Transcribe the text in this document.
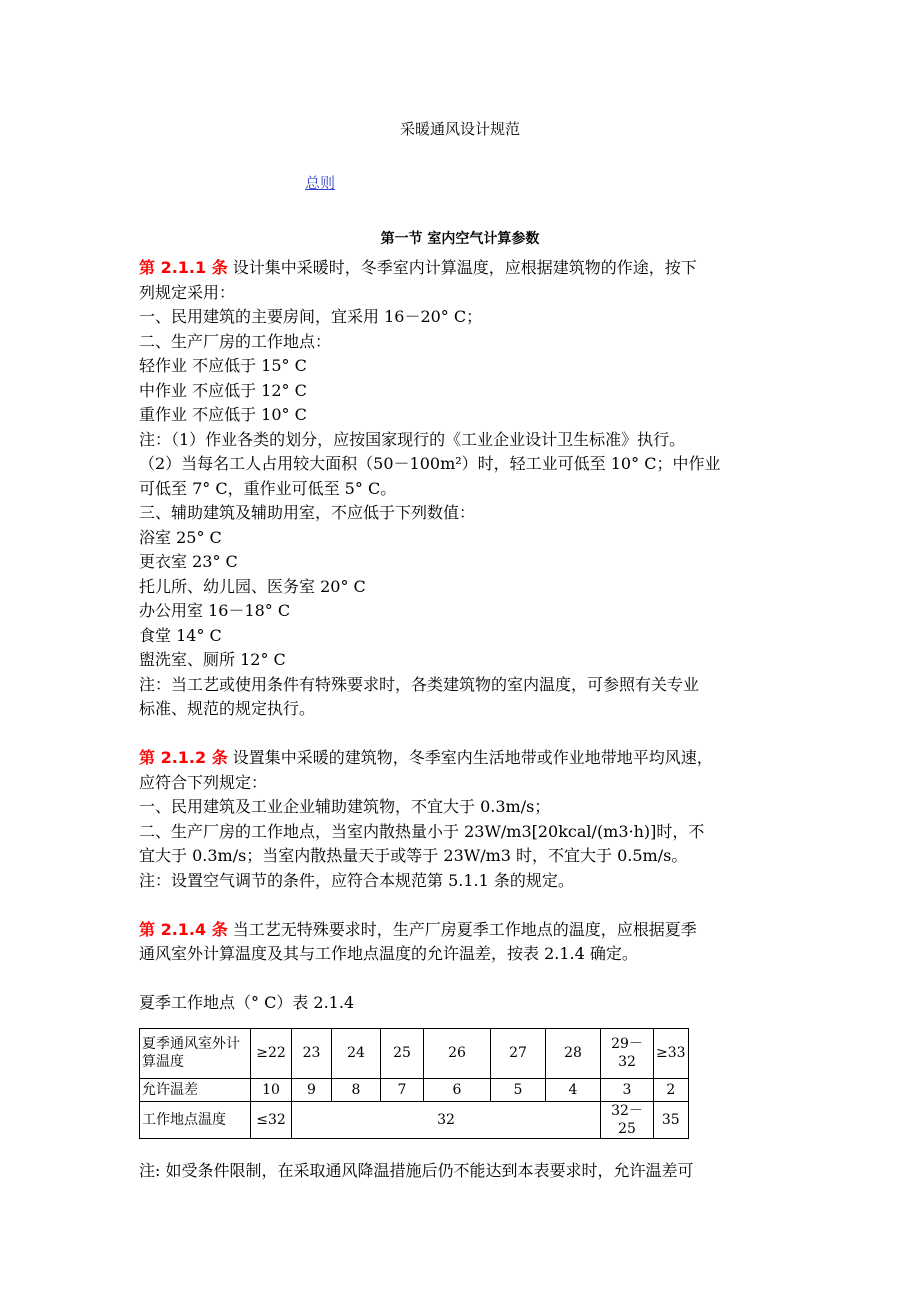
采暖通风设计规范
总则
第一节 室内空气计算参数

第 2.1.1 条 设计集中采暖时，冬季室内计算温度，应根据建筑物的作途，按下

列规定采用：

一、民用建筑的主要房间，宜采用 16－20° C；

二、生产厂房的工作地点：

轻作业 不应低于 15° C

中作业 不应低于 12° C

重作业 不应低于 10° C

注：（1）作业各类的划分，应按国家现行的《工业企业设计卫生标准》执行。

（2）当每名工人占用较大面积（50－100m²）时，轻工业可低至 10° C；中作业

可低至 7° C，重作业可低至 5° C。

三、辅助建筑及辅助用室，不应低于下列数值：

浴室 25° C

更衣室 23° C

托儿所、幼儿园、医务室 20° C

办公用室 16－18° C

食堂 14° C

盥洗室、厕所 12° C

注：当工艺或使用条件有特殊要求时，各类建筑物的室内温度，可参照有关专业

标准、规范的规定执行。

第 2.1.2 条 设置集中采暖的建筑物，冬季室内生活地带或作业地带地平均风速，

应符合下列规定：

一、民用建筑及工业企业辅助建筑物，不宜大于 0.3m/s；

二、生产厂房的工作地点，当室内散热量小于 23W/m3[20kcal/(m3·h)]时，不

宜大于 0.3m/s；当室内散热量天于或等于 23W/m3 时，不宜大于 0.5m/s。

注：设置空气调节的条件，应符合本规范第 5.1.1 条的规定。

第 2.1.4 条 当工艺无特殊要求时，生产厂房夏季工作地点的温度，应根据夏季

通风室外计算温度及其与工作地点温度的允许温差，按表 2.1.4 确定。

夏季工作地点（° C）表 2.1.4

夏季通风室外计算温度	≥22	23	24	25	26	27	28	29－32	≥33
允许温差	10	9	8	7	6	5	4	3	2
工作地点温度	≤32	32						32－25	35

注: 如受条件限制，在采取通风降温措施后仍不能达到本表要求时，允许温差可
